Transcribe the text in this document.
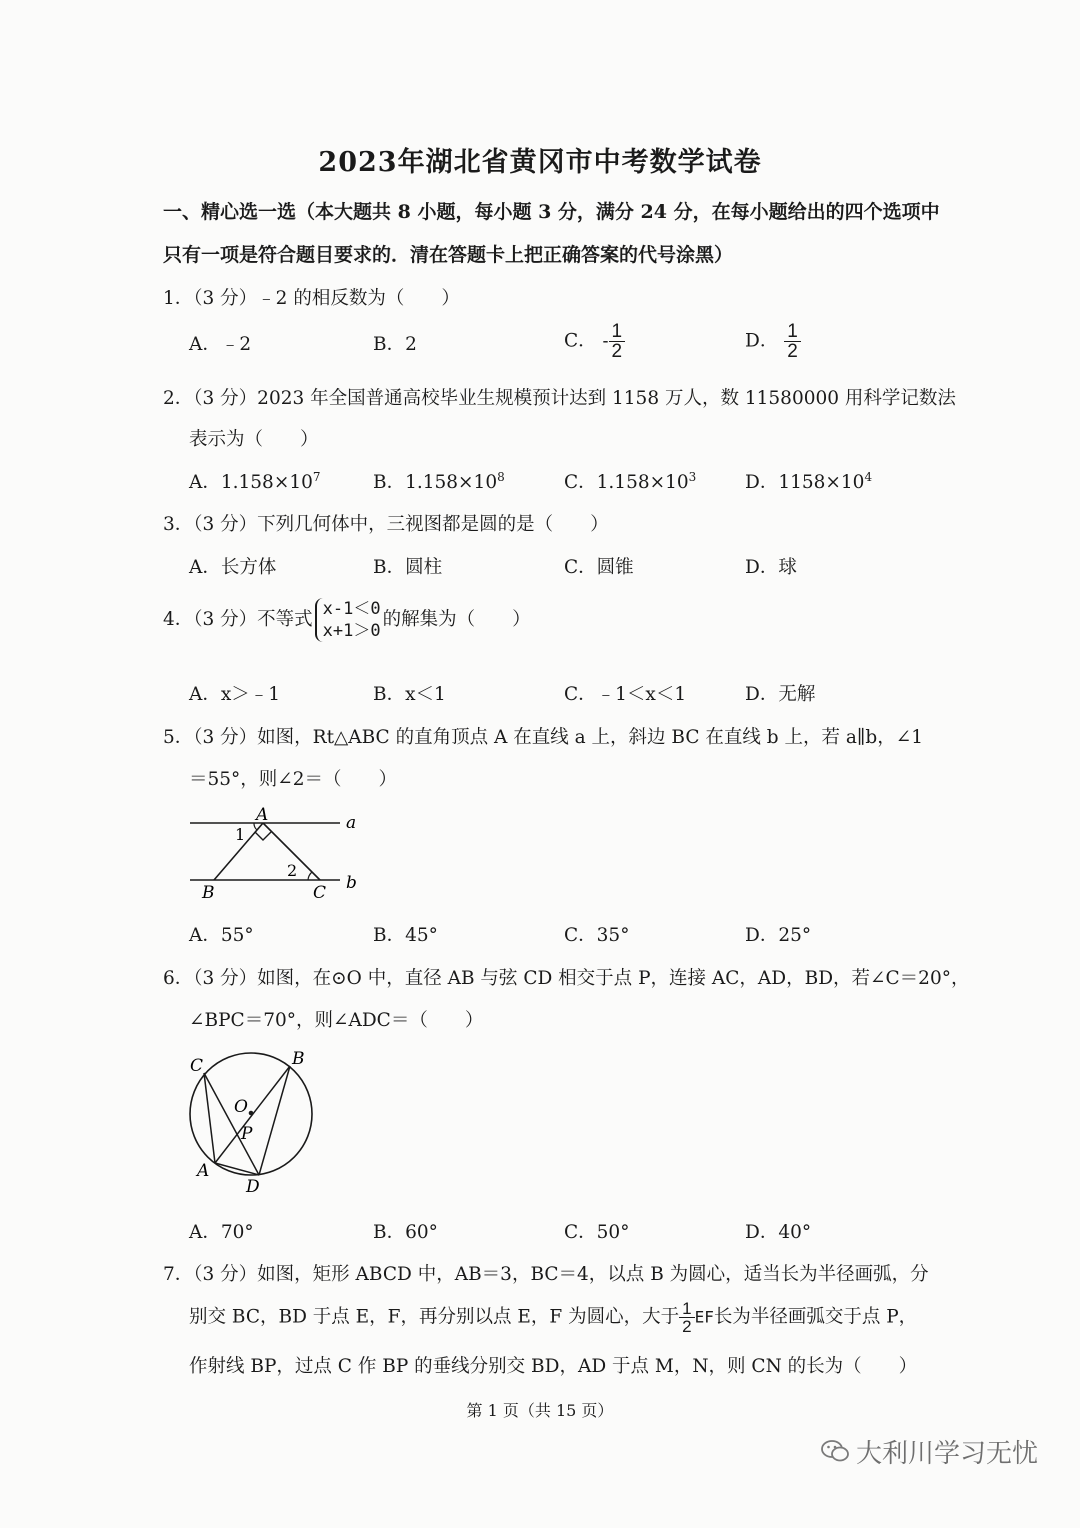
2023年湖北省黄冈市中考数学试卷
一、精心选一选（本大题共 8 小题，每小题 3 分，满分 24 分，在每小题给出的四个选项中
只有一项是符合题目要求的．清在答题卡上把正确答案的代号涂黑）
1．（3 分）﹣2 的相反数为（　　）
A．﹣2	B．2	C． - $\frac{1}{2}$	D． $\frac{1}{2}$
2．（3 分）2023 年全国普通高校毕业生规模预计达到 1158 万人，数 11580000 用科学记数法
表示为（　　）
A．$1.158\times 10^7$	B．$1.158\times 10^8$	C．$1.158\times 10^3$	D．$1158\times 10^4$
3．（3 分）下列几何体中，三视图都是圆的是（　　）
A．长方体	B．圆柱	C．圆锥	D．球
4．（3 分）不等式 x-1＜0
x+1＞0
的解集为（　　）
A．x＞﹣1	B．x＜1	C．﹣1＜x＜1	D．无解
5．（3 分）如图，Rt△ABC 的直角顶点 A 在直线 a 上，斜边 BC 在直线 b 上，若 a∥b，∠1
＝55°，则∠2＝（　　）
A
1
2
B	C
a
b
A．55°	B．45°	C．35°	D．25°
6．（3 分）如图，在⊙O 中，直径 AB 与弦 CD 相交于点 P，连接 AC，AD，BD，若∠C＝20°，
∠BPC＝70°，则∠ADC＝（　　）
C	B
O
P
A
D
A．70°	B．60°	C．50°	D．40°
7．（3 分）如图，矩形 ABCD 中，AB＝3，BC＝4，以点 B 为圆心，适当长为半径画弧，分
别交 BC，BD 于点 E，F，再分别以点 E，F 为圆心，大于 $\frac{1}{2}$ EF长为半径画弧交于点 P，
作射线 BP，过点 C 作 BP 的垂线分别交 BD，AD 于点 M，N，则 CN 的长为（　　）
第 1 页（共 15 页）
大利川学习无忧
